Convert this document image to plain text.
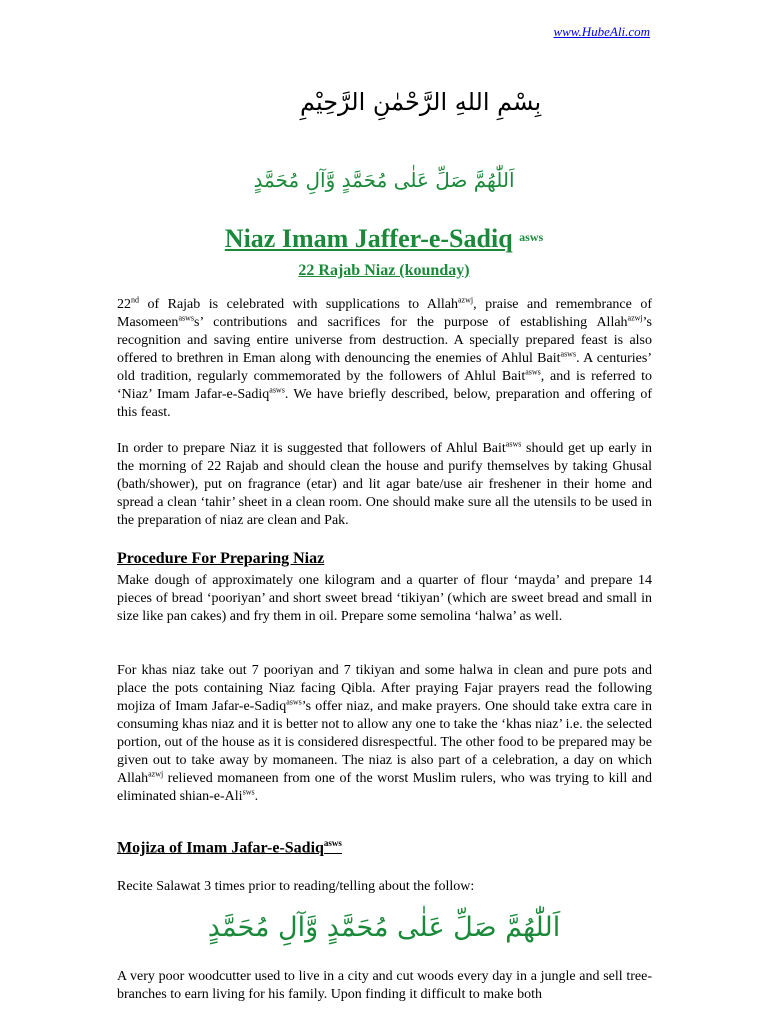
www.HubeAli.com
بِسْمِ اللهِ الرَّحْمٰنِ الرَّحِيْمِ
اَللّٰهُمَّ صَلِّ عَلٰى مُحَمَّدٍ وَّآلِ مُحَمَّدٍ
Niaz Imam Jaffer-e-Sadiq $^{asws}$
22 Rajab Niaz (kounday)

22nd of Rajab is celebrated with supplications to Allah$^{azwj}$, praise and remembrance of Masomeen$^{asws}$s’ contributions and sacrifices for the purpose of establishing Allah$^{azwj}$’s recognition and saving entire universe from destruction. A specially prepared feast is also offered to brethren in Eman along with denouncing the enemies of Ahlul Bait$^{asws}$. A centuries’ old tradition, regularly commemorated by the followers of Ahlul Bait$^{asws}$, and is referred to ‘Niaz’ Imam Jafar-e-Sadiq$^{asws}$. We have briefly described, below, preparation and offering of this feast.

In order to prepare Niaz it is suggested that followers of Ahlul Bait$^{asws}$ should get up early in the morning of 22 Rajab and should clean the house and purify themselves by taking Ghusal (bath/shower), put on fragrance (etar) and lit agar bate/use air freshener in their home and spread a clean ‘tahir’ sheet in a clean room. One should make sure all the utensils to be used in the preparation of niaz are clean and Pak.

Procedure For Preparing Niaz

Make dough of approximately one kilogram and a quarter of flour ‘mayda’ and prepare 14 pieces of bread ‘pooriyan’ and short sweet bread ‘tikiyan’ (which are sweet bread and small in size like pan cakes) and fry them in oil. Prepare some semolina ‘halwa’ as well.

For khas niaz take out 7 pooriyan and 7 tikiyan and some halwa in clean and pure pots and place the pots containing Niaz facing Qibla. After praying Fajar prayers read the following mojiza of Imam Jafar-e-Sadiq$^{asws}$’s offer niaz, and make prayers. One should take extra care in consuming khas niaz and it is better not to allow any one to take the ‘khas niaz’ i.e. the selected portion, out of the house as it is considered disrespectful. The other food to be prepared may be given out to take away by momaneen. The niaz is also part of a celebration, a day on which Allah$^{azwj}$ relieved momaneen from one of the worst Muslim rulers, who was trying to kill and eliminated shian-e-Ali$^{sws}$.

Mojiza of Imam Jafar-e-Sadiq$^{asws}$

Recite Salawat 3 times prior to reading/telling about the follow:

اَللّٰهُمَّ صَلِّ عَلٰى مُحَمَّدٍ وَّآلِ مُحَمَّدٍ

A very poor woodcutter used to live in a city and cut woods every day in a jungle and sell tree-branches to earn living for his family. Upon finding it difficult to make both
